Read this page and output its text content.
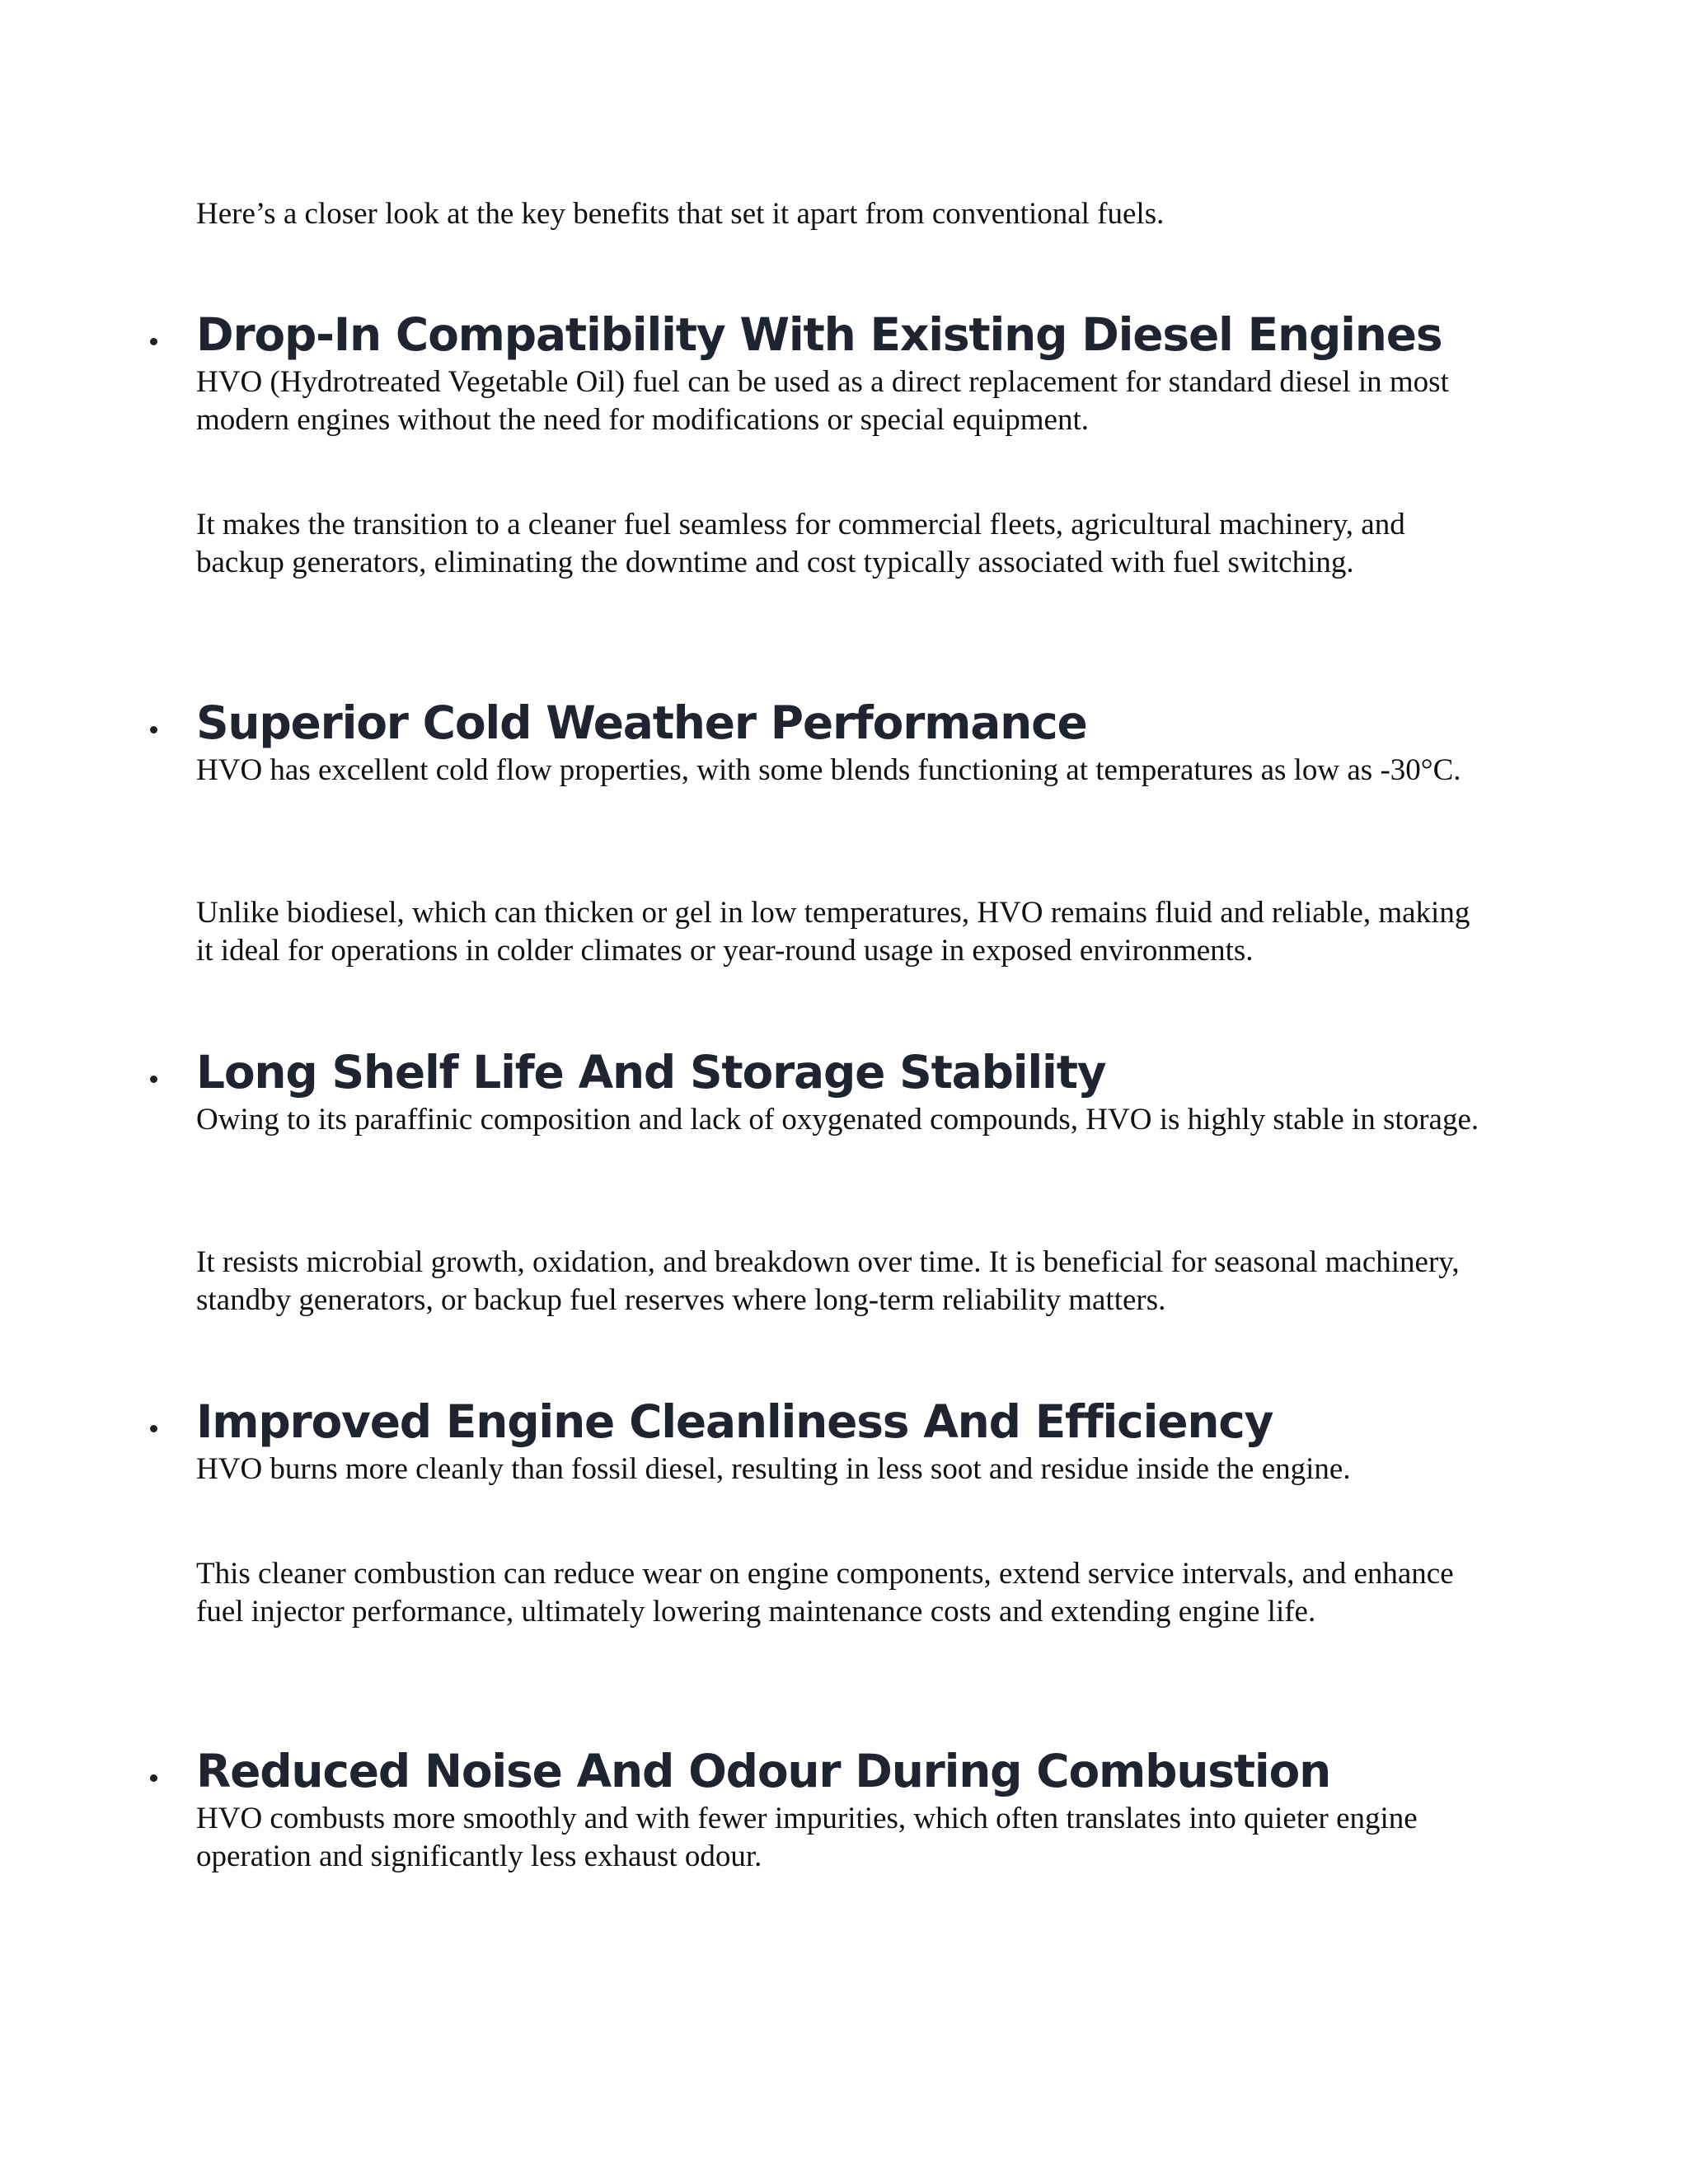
Here’s a closer look at the key benefits that set it apart from conventional fuels.

Drop-In Compatibility With Existing Diesel Engines

HVO (Hydrotreated Vegetable Oil) fuel can be used as a direct replacement for standard diesel in most modern engines without the need for modifications or special equipment.

It makes the transition to a cleaner fuel seamless for commercial fleets, agricultural machinery, and backup generators, eliminating the downtime and cost typically associated with fuel switching.

Superior Cold Weather Performance

HVO has excellent cold flow properties, with some blends functioning at temperatures as low as -30°C.

Unlike biodiesel, which can thicken or gel in low temperatures, HVO remains fluid and reliable, making it ideal for operations in colder climates or year-round usage in exposed environments.

Long Shelf Life And Storage Stability

Owing to its paraffinic composition and lack of oxygenated compounds, HVO is highly stable in storage.

It resists microbial growth, oxidation, and breakdown over time. It is beneficial for seasonal machinery, standby generators, or backup fuel reserves where long-term reliability matters.

Improved Engine Cleanliness And Efficiency

HVO burns more cleanly than fossil diesel, resulting in less soot and residue inside the engine.

This cleaner combustion can reduce wear on engine components, extend service intervals, and enhance fuel injector performance, ultimately lowering maintenance costs and extending engine life.

Reduced Noise And Odour During Combustion

HVO combusts more smoothly and with fewer impurities, which often translates into quieter engine operation and significantly less exhaust odour.
